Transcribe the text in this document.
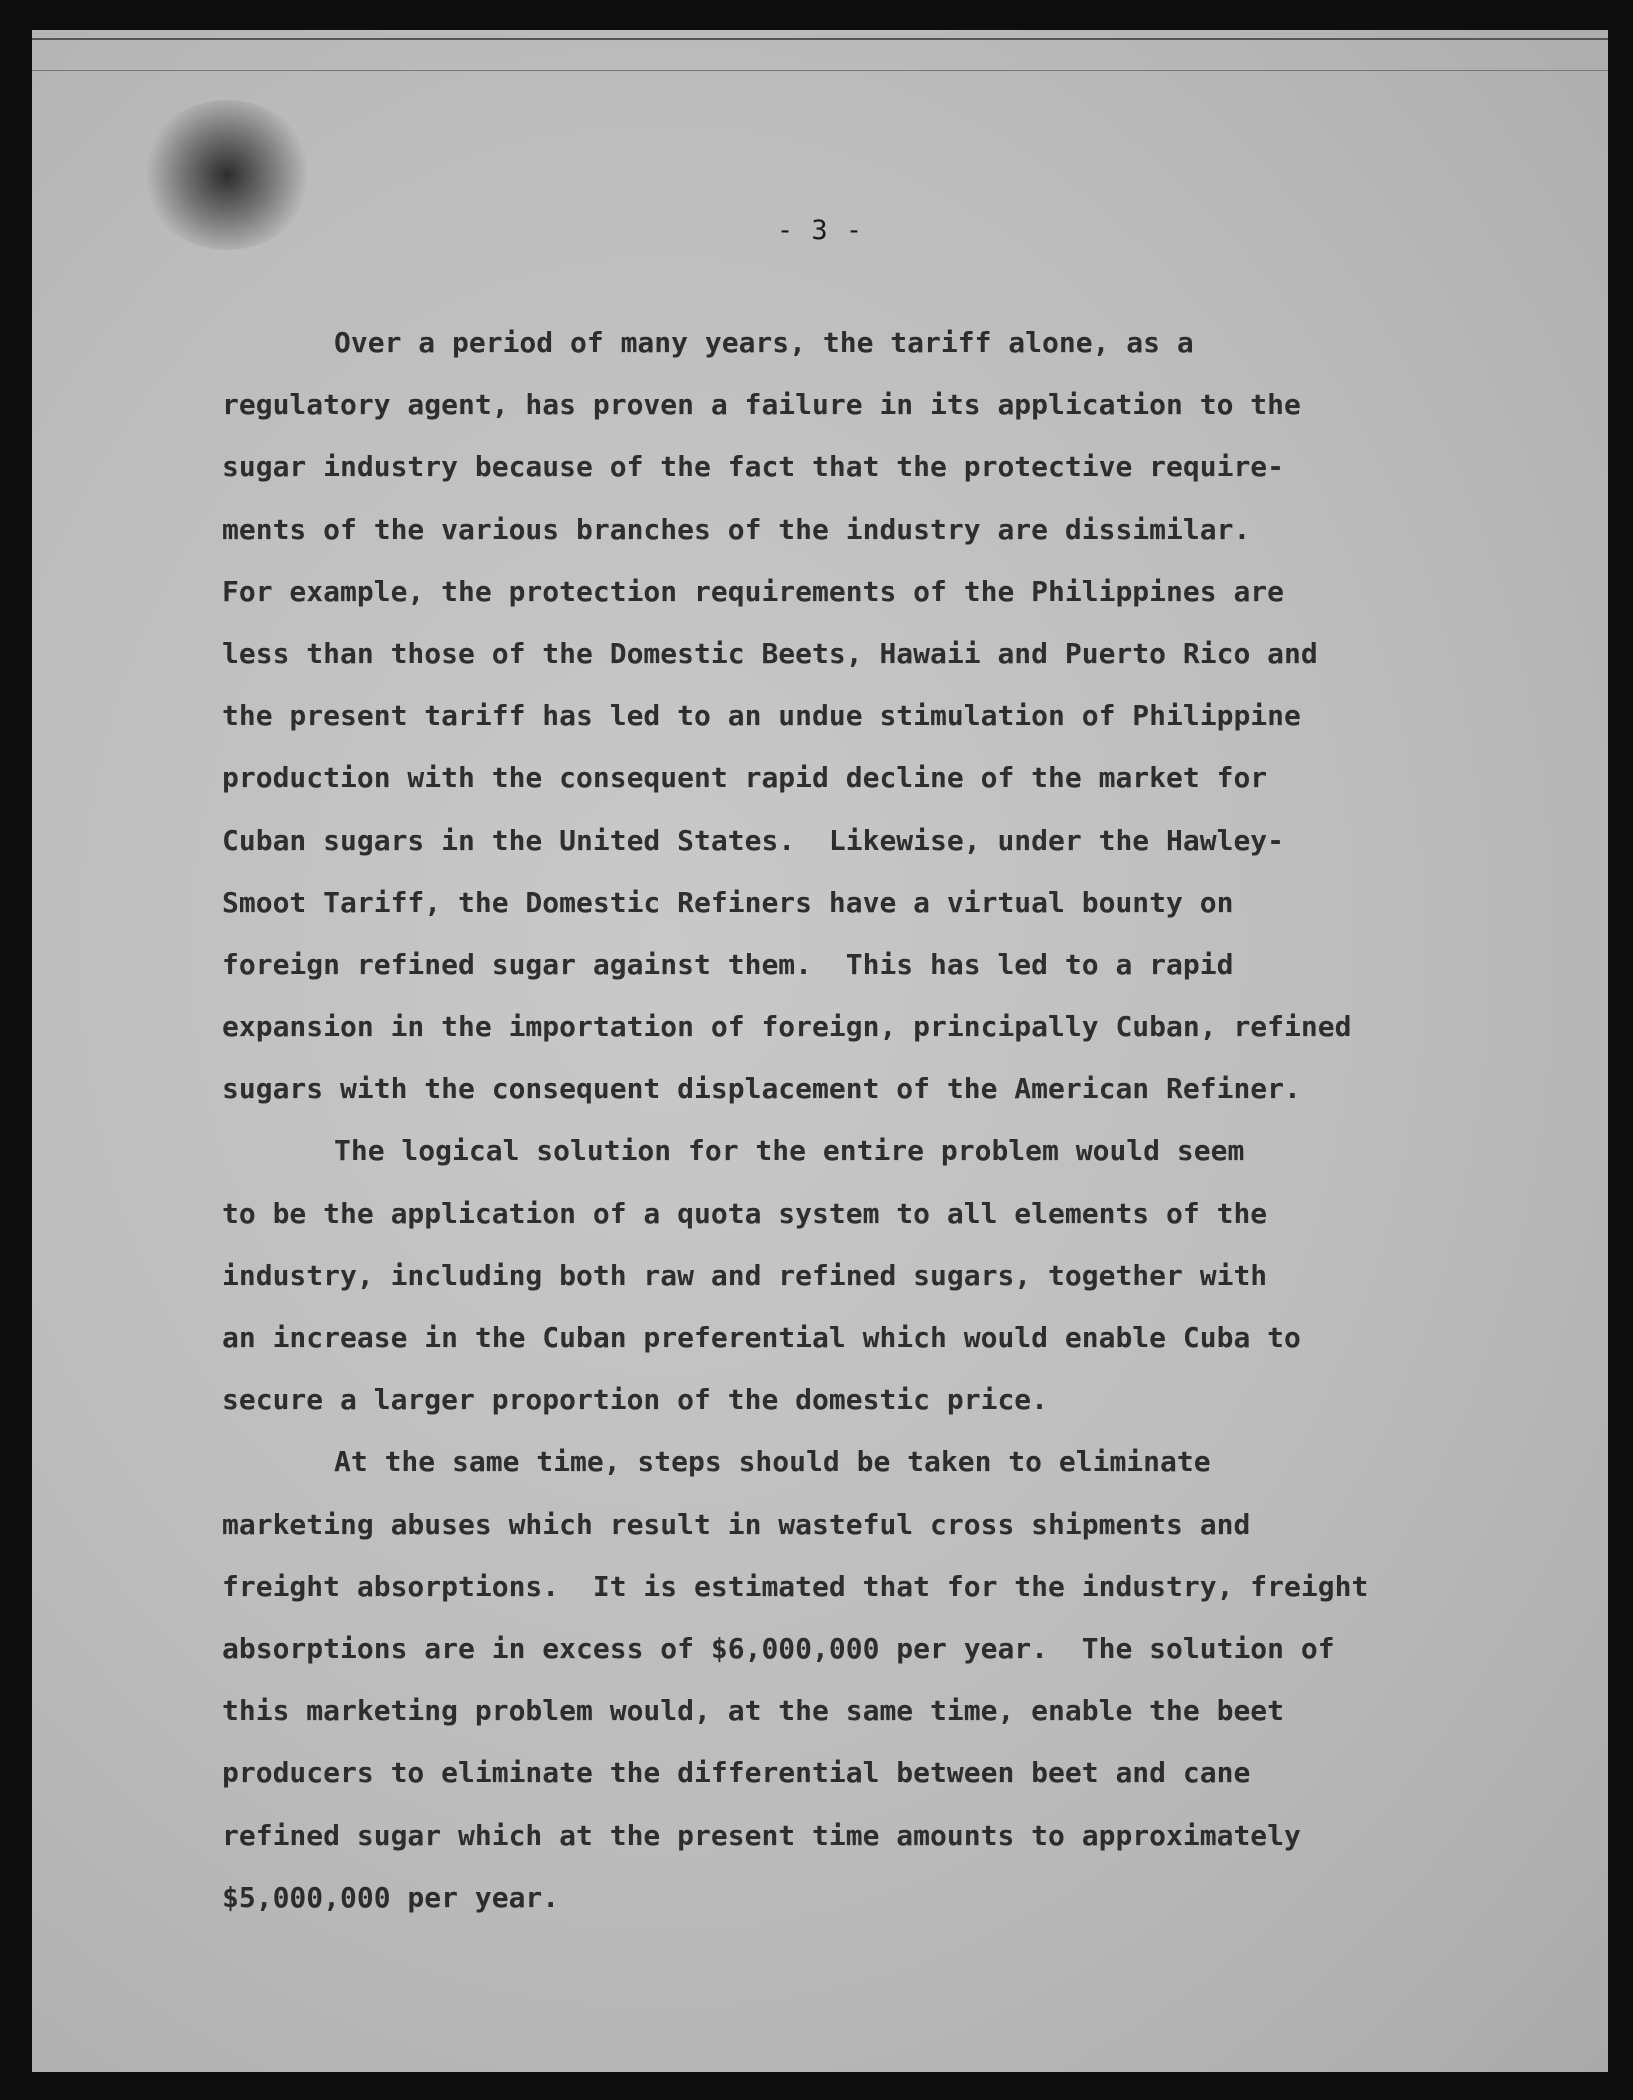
- 3 -
Over a period of many years, the tariff alone, as a
regulatory agent, has proven a failure in its application to the
sugar industry because of the fact that the protective require-
ments of the various branches of the industry are dissimilar.
For example, the protection requirements of the Philippines are
less than those of the Domestic Beets, Hawaii and Puerto Rico and
the present tariff has led to an undue stimulation of Philippine
production with the consequent rapid decline of the market for
Cuban sugars in the United States.  Likewise, under the Hawley-
Smoot Tariff, the Domestic Refiners have a virtual bounty on
foreign refined sugar against them.  This has led to a rapid
expansion in the importation of foreign, principally Cuban, refined
sugars with the consequent displacement of the American Refiner.
The logical solution for the entire problem would seem
to be the application of a quota system to all elements of the
industry, including both raw and refined sugars, together with
an increase in the Cuban preferential which would enable Cuba to
secure a larger proportion of the domestic price.
At the same time, steps should be taken to eliminate
marketing abuses which result in wasteful cross shipments and
freight absorptions.  It is estimated that for the industry, freight
absorptions are in excess of $6,000,000 per year.  The solution of
this marketing problem would, at the same time, enable the beet
producers to eliminate the differential between beet and cane
refined sugar which at the present time amounts to approximately
$5,000,000 per year.
